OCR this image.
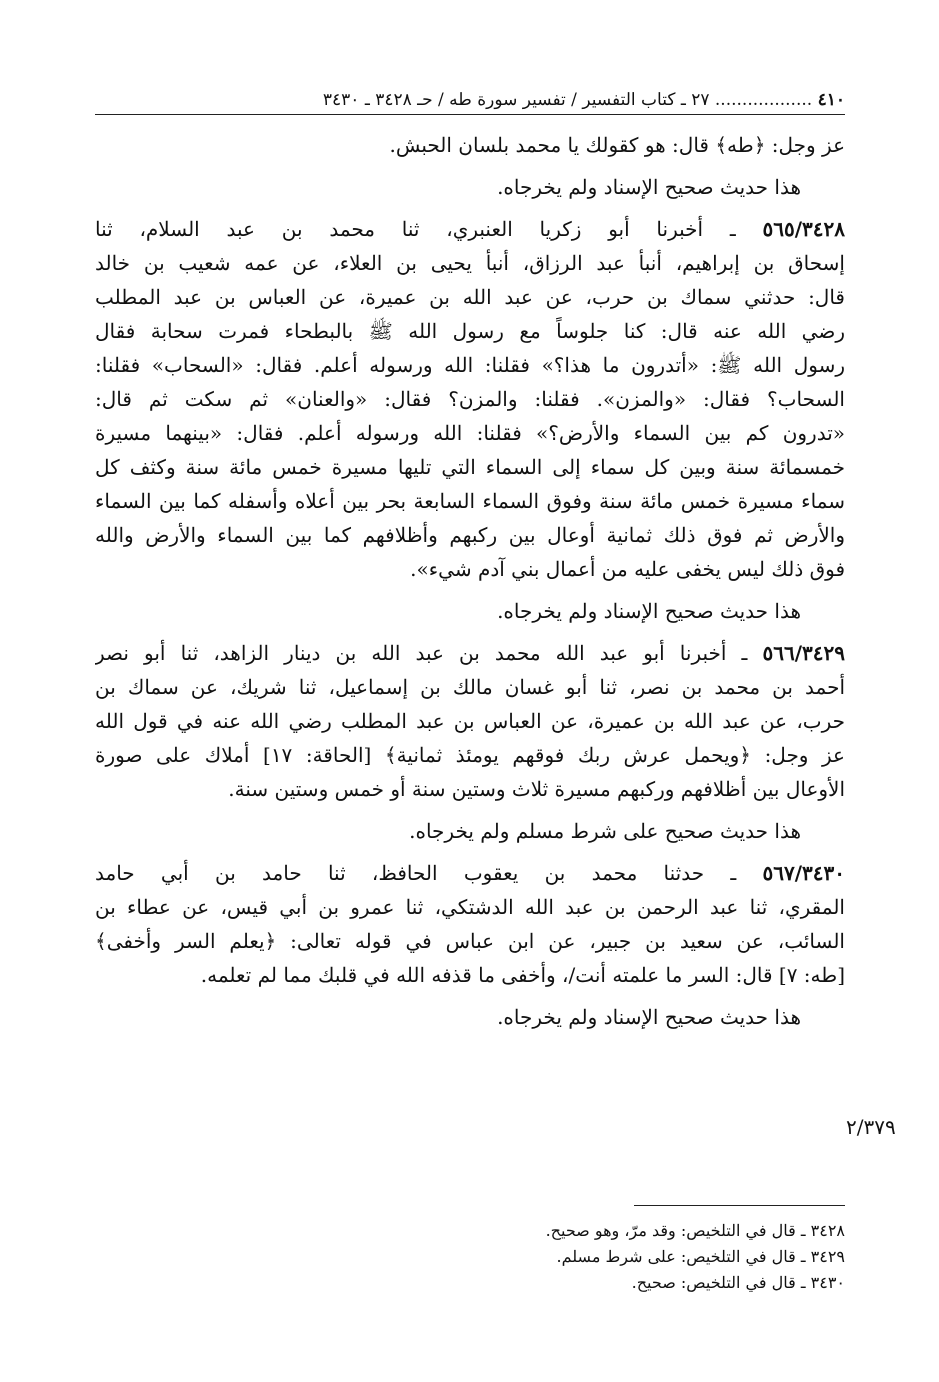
٤١٠ .................. ٢٧ ـ كتاب التفسير / تفسير سورة طه / حـ ٣٤٢٨ ـ ٣٤٣٠
عز وجل: ﴿طه﴾ قال: هو كقولك يا محمد بلسان الحبش.
هذا حديث صحيح الإسناد ولم يخرجاه.
٥٦٥/٣٤٢٨ ـ أخبرنا أبو زكريا العنبري، ثنا محمد بن عبد السلام، ثنا
إسحاق بن إبراهيم، أنبأ عبد الرزاق، أنبأ يحيى بن العلاء، عن عمه شعيب بن خالد
قال: حدثني سماك بن حرب، عن عبد الله بن عميرة، عن العباس بن عبد المطلب
رضي الله عنه قال: كنا جلوساً مع رسول الله ﷺ بالبطحاء فمرت سحابة فقال
رسول الله ﷺ: «أتدرون ما هذا؟» فقلنا: الله ورسوله أعلم. فقال: «السحاب» فقلنا:
السحاب؟ فقال: «والمزن». فقلنا: والمزن؟ فقال: «والعنان» ثم سكت ثم قال:
«تدرون كم بين السماء والأرض؟» فقلنا: الله ورسوله أعلم. فقال: «بينهما مسيرة
خمسمائة سنة وبين كل سماء إلى السماء التي تليها مسيرة خمس مائة سنة وكثف كل
سماء مسيرة خمس مائة سنة وفوق السماء السابعة بحر بين أعلاه وأسفله كما بين السماء
والأرض ثم فوق ذلك ثمانية أوعال بين ركبهم وأظلافهم كما بين السماء والأرض والله
فوق ذلك ليس يخفى عليه من أعمال بني آدم شيء».
هذا حديث صحيح الإسناد ولم يخرجاه.
٥٦٦/٣٤٢٩ ـ أخبرنا أبو عبد الله محمد بن عبد الله بن دينار الزاهد، ثنا أبو نصر
أحمد بن محمد بن نصر، ثنا أبو غسان مالك بن إسماعيل، ثنا شريك، عن سماك بن
حرب، عن عبد الله بن عميرة، عن العباس بن عبد المطلب رضي الله عنه في قول الله
عز وجل: ﴿ويحمل عرش ربك فوقهم يومئذ ثمانية﴾ [الحاقة: ١٧] أملاك على صورة
الأوعال بين أظلافهم وركبهم مسيرة ثلاث وستين سنة أو خمس وستين سنة.
هذا حديث صحيح على شرط مسلم ولم يخرجاه.
٥٦٧/٣٤٣٠ ـ حدثنا محمد بن يعقوب الحافظ، ثنا حامد بن أبي حامد
المقري، ثنا عبد الرحمن بن عبد الله الدشتكي، ثنا عمرو بن أبي قيس، عن عطاء بن
السائب، عن سعيد بن جبير، عن ابن عباس في قوله تعالى: ﴿يعلم السر وأخفى﴾
[طه: ٧] قال: السر ما علمته أنت/، وأخفى ما قذفه الله في قلبك مما لم تعلمه.
هذا حديث صحيح الإسناد ولم يخرجاه.
٢/٣٧٩
٣٤٢٨ ـ قال في التلخيص: وقد مرّ، وهو صحيح.
٣٤٢٩ ـ قال في التلخيص: على شرط مسلم.
٣٤٣٠ ـ قال في التلخيص: صحيح.
